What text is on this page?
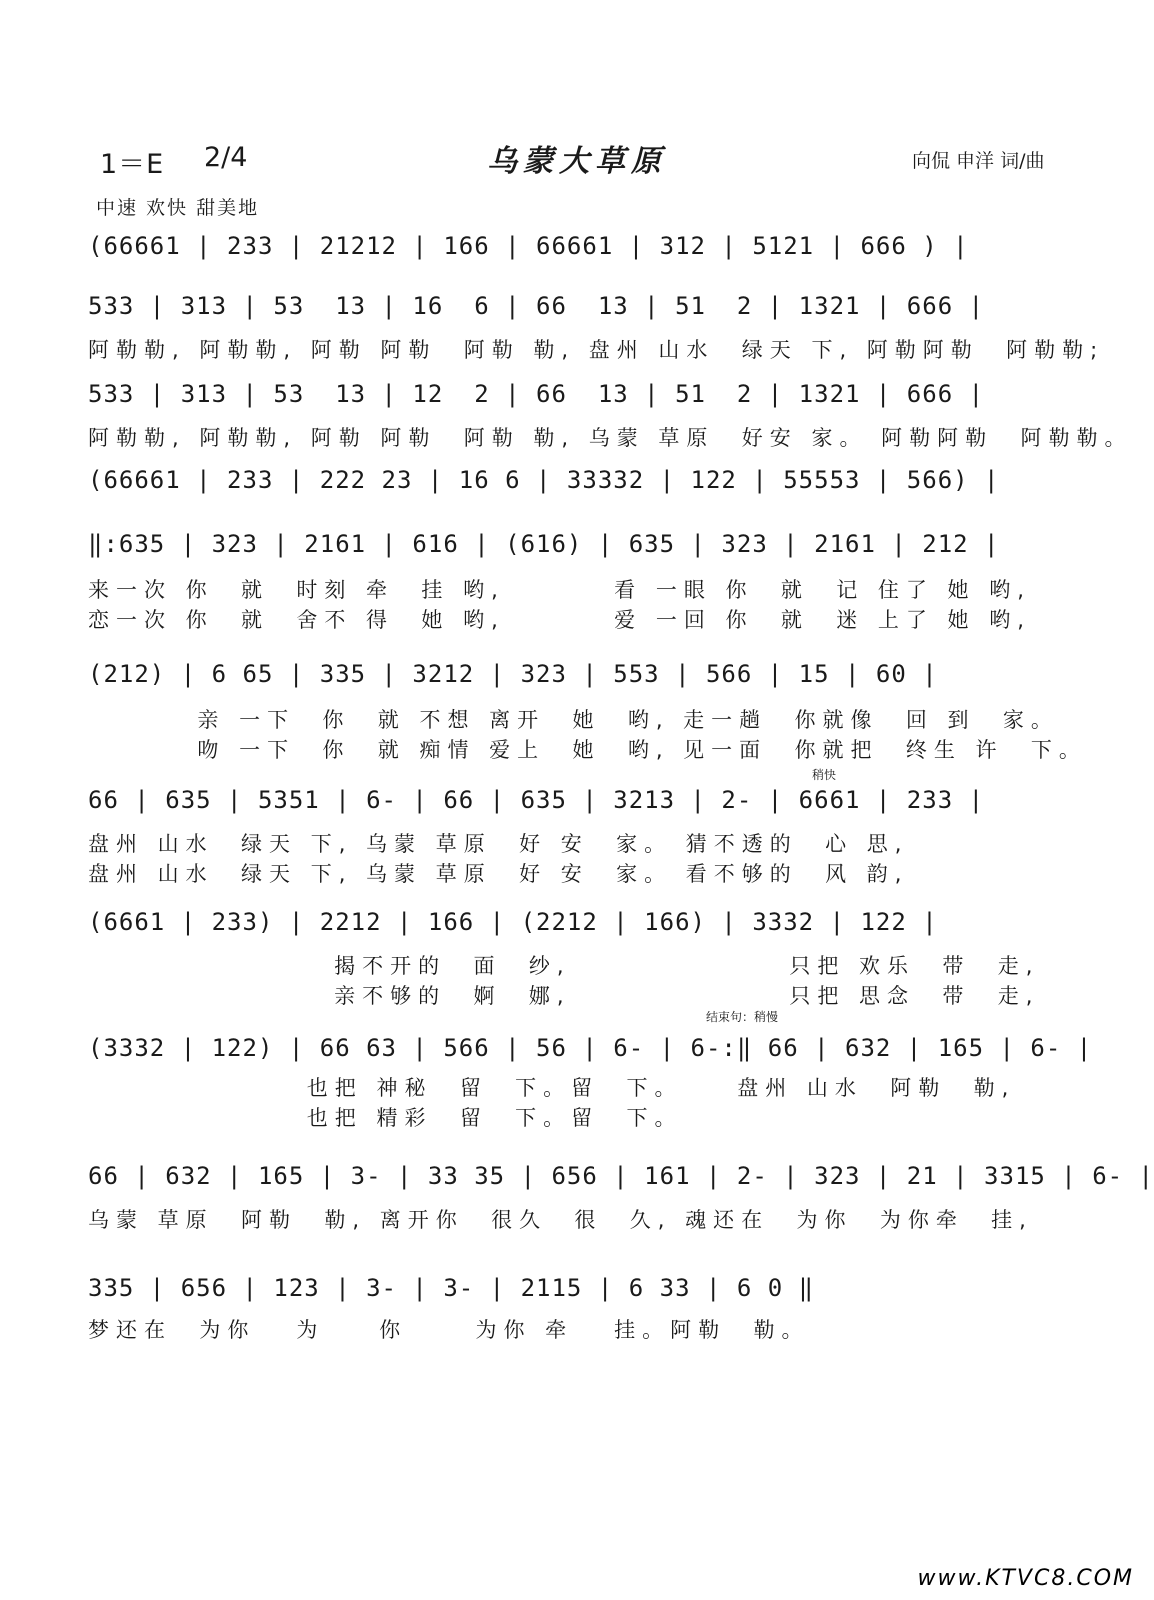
1＝E 2/4	乌蒙大草原	向侃 申洋 词/曲
中速 欢快 甜美地
稍快
结束句：稍慢
(66661 | 233 | 21212 | 166 | 66661 | 312 | 5121 | 666 ) |
533 | 313 | 53  13 | 16  6 | 66  13 | 51  2 | 1321 | 666 |
阿勒勒, 阿勒勒, 阿勒 阿勒  阿勒 勒, 盘州 山水  绿天 下, 阿勒阿勒  阿勒勒;
533 | 313 | 53  13 | 12  2 | 66  13 | 51  2 | 1321 | 666 |
阿勒勒, 阿勒勒, 阿勒 阿勒  阿勒 勒, 乌蒙 草原  好安 家。 阿勒阿勒  阿勒勒。
(66661 | 233 | 222 23 | 16 6 | 33332 | 122 | 55553 | 566) |
‖:635 | 323 | 2161 | 616 | (616) | 635 | 323 | 2161 | 212 |
来一次 你  就  时刻 牵  挂 哟,        看 一眼 你  就  记 住了 她 哟,
恋一次 你  就  舍不 得  她 哟,        爱 一回 你  就  迷 上了 她 哟,
(212) | 6 65 | 335 | 3212 | 323 | 553 | 566 | 15 | 60 |
亲 一下  你  就 不想 离开  她  哟, 走一趟  你就像  回 到  家。
吻 一下  你  就 痴情 爱上  她  哟, 见一面  你就把  终生 许  下。
66 | 635 | 5351 | 6- | 66 | 635 | 3213 | 2- | 6661 | 233 |
盘州 山水  绿天 下, 乌蒙 草原  好 安  家。 猜不透的  心 思,
盘州 山水  绿天 下, 乌蒙 草原  好 安  家。 看不够的  风 韵,
(6661 | 233) | 2212 | 166 | (2212 | 166) | 3332 | 122 |
揭不开的  面  纱,                只把 欢乐  带  走,
亲不够的  婀  娜,                只把 思念  带  走,
(3332 | 122) | 66 63 | 566 | 56 | 6- | 6-:‖ 66 | 632 | 165 | 6- |
也把 神秘  留  下。留  下。    盘州 山水  阿勒  勒,
也把 精彩  留  下。留  下。
66 | 632 | 165 | 3- | 33 35 | 656 | 161 | 2- | 323 | 21 | 3315 | 6- |
乌蒙 草原  阿勒  勒, 离开你  很久  很  久, 魂还在  为你  为你牵  挂,
335 | 656 | 123 | 3- | 3- | 2115 | 6 33 | 6 0 ‖
梦还在  为你   为    你     为你 牵   挂。阿勒  勒。
www.KTVC8.COM
